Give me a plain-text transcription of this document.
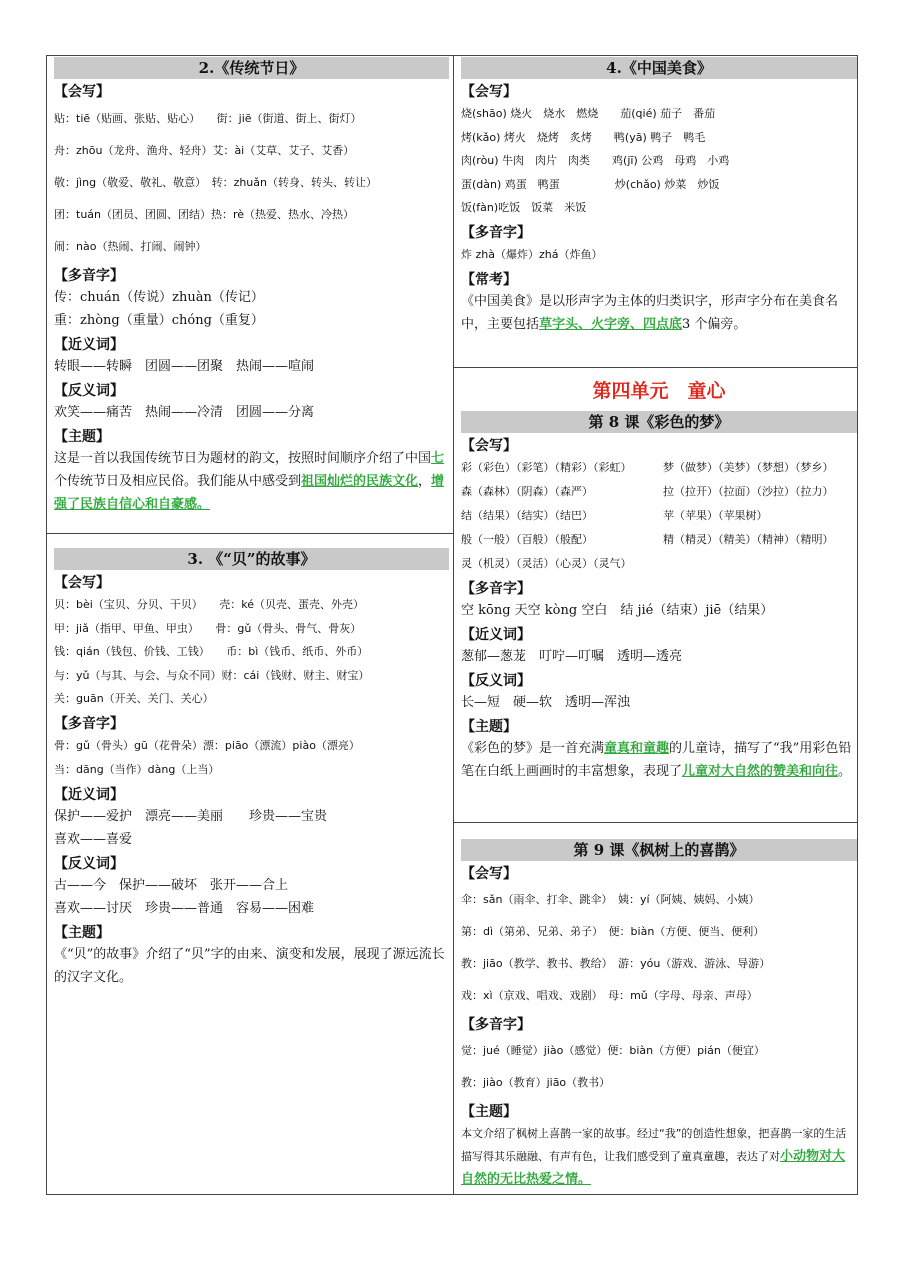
2.《传统节日》
【会写】
贴：tiē（贴画、张贴、贴心）　　街：jiē（街道、街上、街灯）
舟：zhōu（龙舟、渔舟、轻舟）艾：ài（艾草、艾子、艾香）
敬：jìng（敬爱、敬礼、敬意）　转：zhuǎn（转身、转头、转让）
团：tuán（团员、团圆、团结）热：rè（热爱、热水、冷热）
闹：nào（热闹、打闹、闹钟）
【多音字】
传：chuán（传说）zhuàn（传记）
重：zhòng（重量）chóng（重复）
【近义词】
转眼——转瞬　团圆——团聚　热闹——喧闹
【反义词】
欢笑——痛苦　热闹——冷清　团圆——分离
【主题】
这是一首以我国传统节日为题材的韵文，按照时间顺序介绍了中国七个传统节日及相应民俗。我们能从中感受到祖国灿烂的民族文化，增强了民族自信心和自豪感。
3. 《“贝”的故事》
【会写】
贝：bèi（宝贝、分贝、干贝）　　壳：ké（贝壳、蛋壳、外壳）
甲：jiǎ（指甲、甲鱼、甲虫）　　骨：gǔ（骨头、骨气、骨灰）
钱：qián（钱包、价钱、工钱）　　币：bì（钱币、纸币、外币）
与：yǔ（与其、与会、与众不同）财：cái（钱财、财主、财宝）
关：guān（开关、关门、关心）
【多音字】
骨：gǔ（骨头）gū（花骨朵）漂：piāo（漂流）piào（漂亮）
当：dāng（当作）dàng（上当）
【近义词】
保护——爱护　漂亮——美丽　　珍贵——宝贵
喜欢——喜爱
【反义词】
古——今　保护——破坏　张开——合上
喜欢——讨厌　珍贵——普通　容易——困难
【主题】
《“贝”的故事》介绍了“贝”字的由来、演变和发展，展现了源远流长的汉字文化。
4.《中国美食》
【会写】
烧(shāo) 烧火　烧水　燃烧　　茄(qié) 茄子　番茄
烤(kǎo) 烤火　烧烤　炙烤　　鸭(yā) 鸭子　鸭毛
肉(ròu) 牛肉　肉片　肉类　　鸡(jī) 公鸡　母鸡　小鸡
蛋(dàn) 鸡蛋　鸭蛋　　　　　炒(chǎo) 炒菜　炒饭
饭(fàn)吃饭　饭菜　米饭
【多音字】
炸 zhà（爆炸）zhá（炸鱼）
【常考】
《中国美食》是以形声字为主体的归类识字，形声字分布在美食名中，主要包括草字头、火字旁、四点底3 个偏旁。
第四单元　童心
第 8 课《彩色的梦》
【会写】
彩（彩色）（彩笔）（精彩）（彩虹）
森（森林）（阴森）（森严）
结（结果）（结实）（结巴）
般（一般）（百般）（般配）
灵（机灵）（灵活）（心灵）（灵气）
梦（做梦）（美梦）（梦想）（梦乡）
拉（拉开）（拉面）（沙拉）（拉力）
苹（苹果）（苹果树）
精（精灵）（精美）（精神）（精明）
【多音字】
空 kōng 天空 kòng 空白　结 jié（结束）jiē（结果）
【近义词】
葱郁—葱茏　叮咛—叮嘱　透明—透亮
【反义词】
长—短　硬—软　透明—浑浊
【主题】
《彩色的梦》是一首充满童真和童趣的儿童诗，描写了“我”用彩色铅笔在白纸上画画时的丰富想象，表现了儿童对大自然的赞美和向往。
第 9 课《枫树上的喜鹊》
【会写】
伞：sǎn（雨伞、打伞、跳伞）　姨：yí（阿姨、姨妈、小姨）
第：dì（第弟、兄弟、弟子）　便：biàn（方便、便当、便利）
教：jiāo（教学、教书、教给）　游：yóu（游戏、游泳、导游）
戏：xì（京戏、唱戏、戏剧）　母：mǔ（字母、母亲、声母）
【多音字】
觉：jué（睡觉）jiào（感觉）便：biàn（方便）pián（便宜）
教：jiào（教育）jiāo（教书）
【主题】
本文介绍了枫树上喜鹊一家的故事。经过“我”的创造性想象，把喜鹊一家的生活描写得其乐融融、有声有色，让我们感受到了童真童趣，表达了对小动物对大自然的无比热爱之情。
